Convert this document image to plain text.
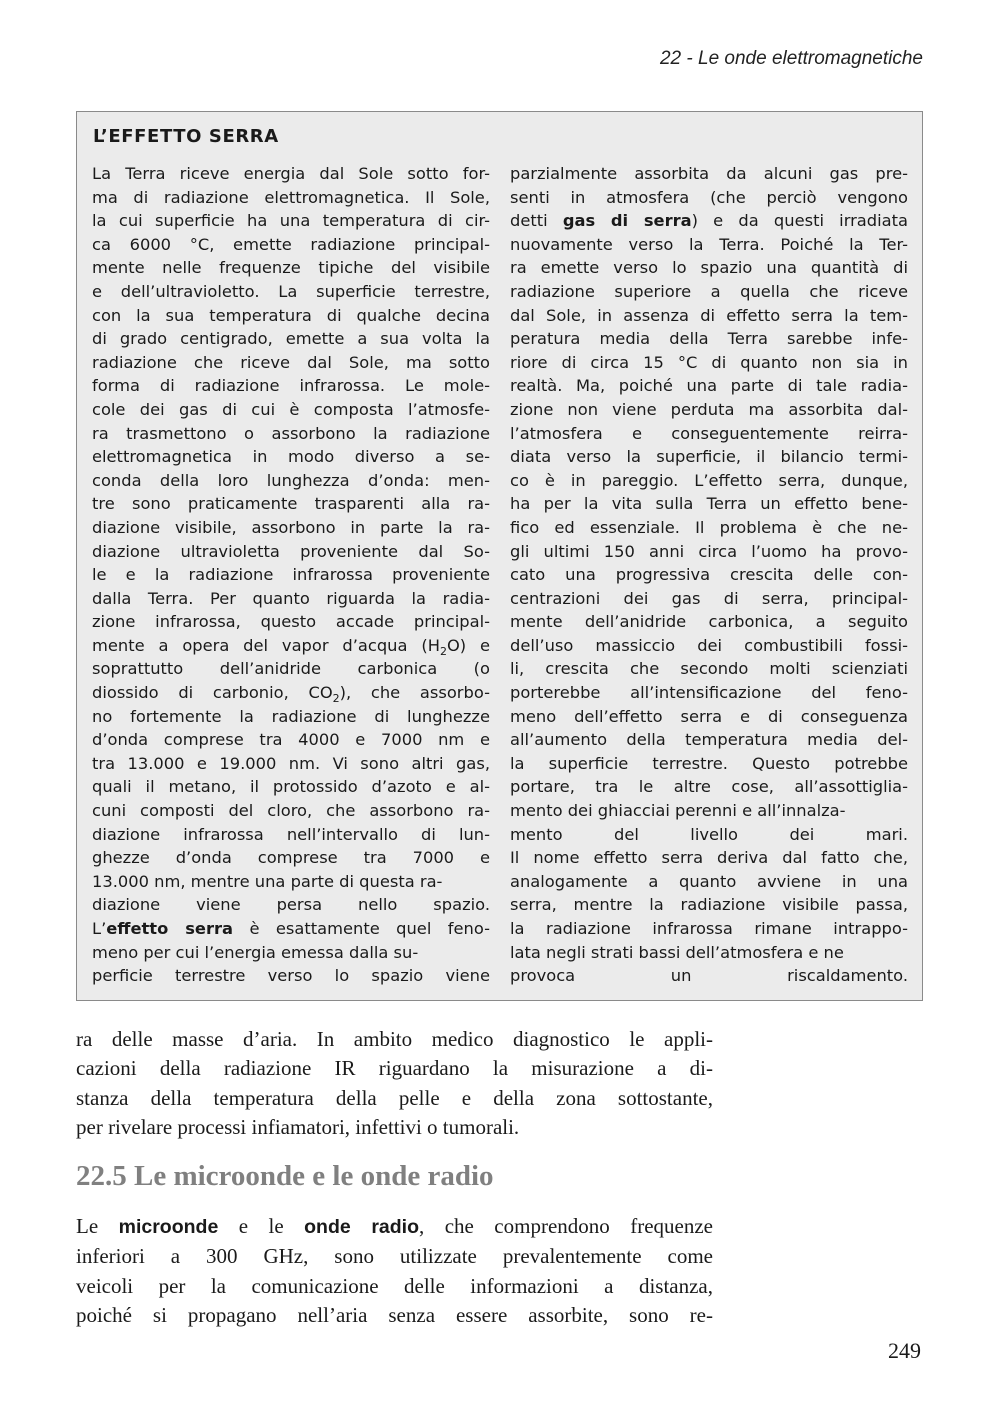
22 - Le onde elettromagnetiche
L’EFFETTO SERRA
La Terra riceve energia dal Sole sotto for-
ma di radiazione elettromagnetica. Il Sole,
la cui superficie ha una temperatura di cir-
ca 6000 °C, emette radiazione principal-
mente nelle frequenze tipiche del visibile
e dell’ultravioletto. La superficie terrestre,
con la sua temperatura di qualche decina
di grado centigrado, emette a sua volta la
radiazione che riceve dal Sole, ma sotto
forma di radiazione infrarossa. Le mole-
cole dei gas di cui è composta l’atmosfe-
ra trasmettono o assorbono la radiazione
elettromagnetica in modo diverso a se-
conda della loro lunghezza d’onda: men-
tre sono praticamente trasparenti alla ra-
diazione visibile, assorbono in parte la ra-
diazione ultravioletta proveniente dal So-
le e la radiazione infrarossa proveniente
dalla Terra. Per quanto riguarda la radia-
zione infrarossa, questo accade principal-
mente a opera del vapor d’acqua $(H_2O)$ e
soprattutto dell’anidride carbonica (o
diossido di carbonio, $CO_2$), che assorbo-
no fortemente la radiazione di lunghezze
d’onda comprese tra 4000 e 7000 nm e
tra 13.000 e 19.000 nm. Vi sono altri gas,
quali il metano, il protossido d’azoto e al-
cuni composti del cloro, che assorbono ra-
diazione infrarossa nell’intervallo di lun-
ghezze d’onda comprese tra 7000 e
13.000 nm, mentre una parte di questa ra-
diazione viene persa nello spazio.
L’effetto serra è esattamente quel feno-
meno per cui l’energia emessa dalla su-
perficie terrestre verso lo spazio viene
parzialmente assorbita da alcuni gas pre-
senti in atmosfera (che perciò vengono
detti gas di serra) e da questi irradiata
nuovamente verso la Terra. Poiché la Ter-
ra emette verso lo spazio una quantità di
radiazione superiore a quella che riceve
dal Sole, in assenza di effetto serra la tem-
peratura media della Terra sarebbe infe-
riore di circa 15 °C di quanto non sia in
realtà. Ma, poiché una parte di tale radia-
zione non viene perduta ma assorbita dal-
l’atmosfera e conseguentemente reirra-
diata verso la superficie, il bilancio termi-
co è in pareggio. L’effetto serra, dunque,
ha per la vita sulla Terra un effetto bene-
fico ed essenziale. Il problema è che ne-
gli ultimi 150 anni circa l’uomo ha provo-
cato una progressiva crescita delle con-
centrazioni dei gas di serra, principal-
mente dell’anidride carbonica, a seguito
dell’uso massiccio dei combustibili fossi-
li, crescita che secondo molti scienziati
porterebbe all’intensificazione del feno-
meno dell’effetto serra e di conseguenza
all’aumento della temperatura media del-
la superficie terrestre. Questo potrebbe
portare, tra le altre cose, all’assottiglia-
mento dei ghiacciai perenni e all’innalza-
mento del livello dei mari.
Il nome effetto serra deriva dal fatto che,
analogamente a quanto avviene in una
serra, mentre la radiazione visibile passa,
la radiazione infrarossa rimane intrappo-
lata negli strati bassi dell’atmosfera e ne
provoca un riscaldamento.
ra delle masse d’aria. In ambito medico diagnostico le appli-
cazioni della radiazione IR riguardano la misurazione a di-
stanza della temperatura della pelle e della zona sottostante,
per rivelare processi infiamatori, infettivi o tumorali.
22.5 Le microonde e le onde radio
Le microonde e le onde radio, che comprendono frequenze
inferiori a 300 GHz, sono utilizzate prevalentemente come
veicoli per la comunicazione delle informazioni a distanza,
poiché si propagano nell’aria senza essere assorbite, sono re-
249
